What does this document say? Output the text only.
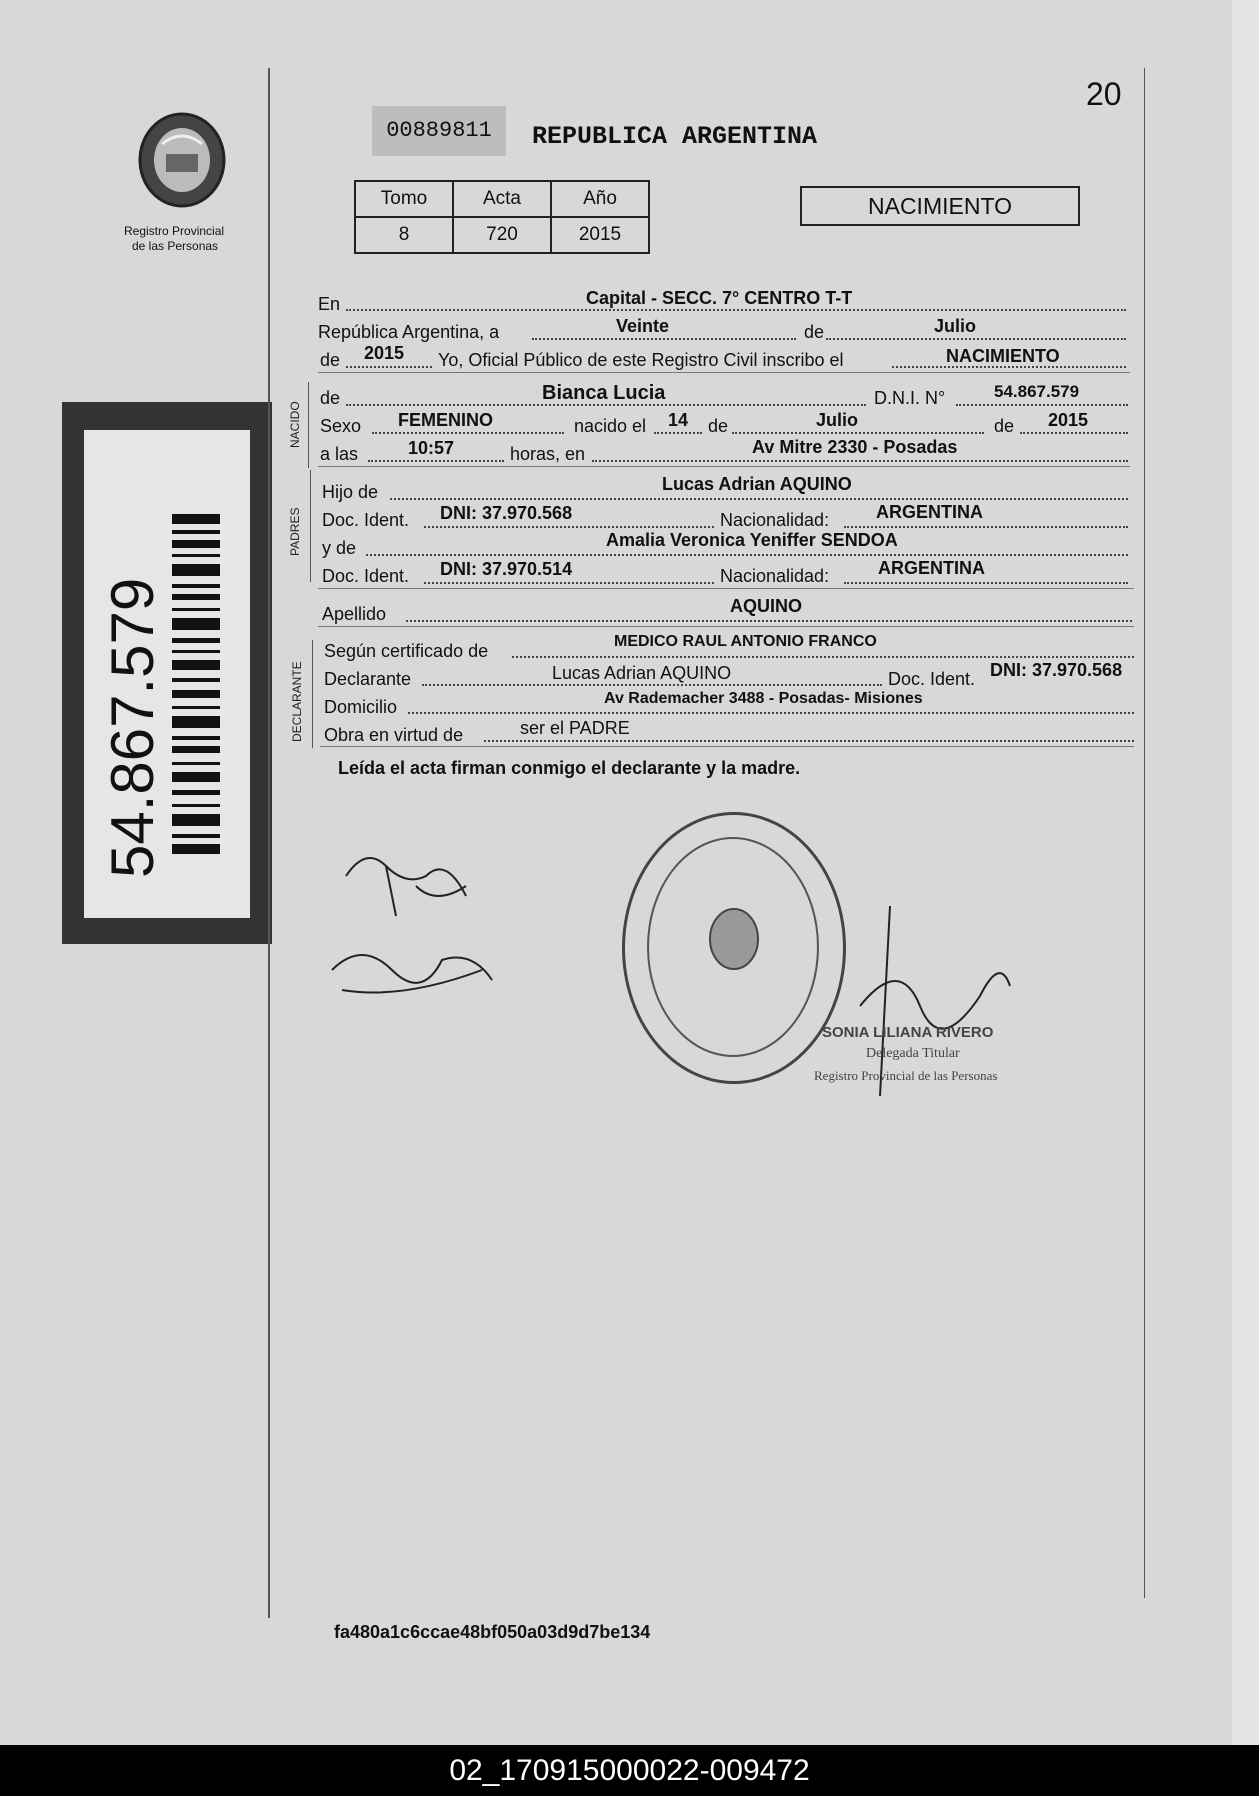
20
Registro Provincial
de las Personas
54.867.579
00889811	REPUBLICA ARGENTINA
Tomo	Acta	Año
8	720	2015
NACIMIENTO
NACIDO
PADRES
DECLARANTE
En	Capital - SECC. 7° CENTRO T-T
República Argentina, a	Veinte	de	Julio
de 2015 Yo, Oficial Público de este Registro Civil inscribo el	NACIMIENTO
de	Bianca Lucia	D.N.I. N°	54.867.579
Sexo FEMENINO	nacido el 14 de	Julio	de 2015
a las	10:57	horas, en	Av Mitre 2330 - Posadas
Hijo de	Lucas Adrian AQUINO
Doc. Ident. DNI: 37.970.568	Nacionalidad:	ARGENTINA
y de	Amalia Veronica Yeniffer SENDOA
Doc. Ident. DNI: 37.970.514	Nacionalidad:	ARGENTINA
Apellido	AQUINO
Según certificado de	MEDICO RAUL ANTONIO FRANCO
Declarante	Lucas Adrian AQUINO	Doc. Ident. DNI: 37.970.568
Domicilio	Av Rademacher 3488 - Posadas- Misiones
Obra en virtud de	ser el PADRE
Leída el acta firman conmigo el declarante y la madre.
SONIA LILIANA RIVERO
Delegada Titular
Registro Provincial de las Personas
fa480a1c6ccae48bf050a03d9d7be134
02_170915000022-009472
